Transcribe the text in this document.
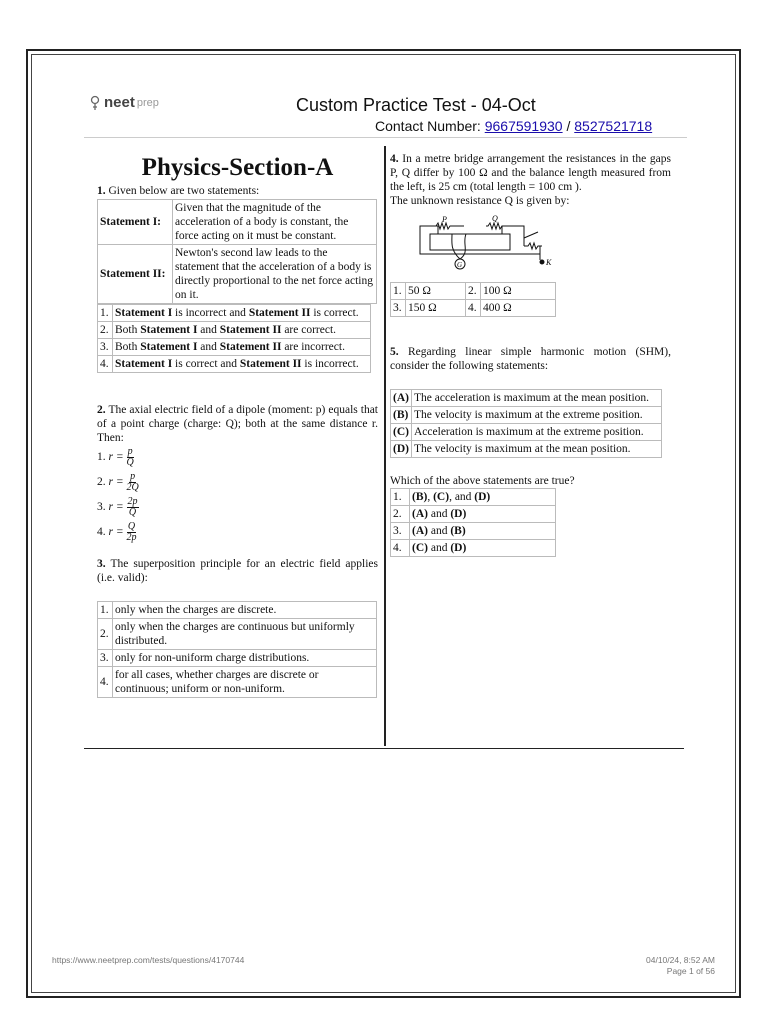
neet prep	Custom Practice Test - 04-Oct
Contact Number: 9667591930 / 8527521718
Physics-Section-A

1. Given below are two statements:

Statement I:	Given that the magnitude of the acceleration of a body is constant, the force acting on it must be constant.
Statement II:	Newton's second law leads to the statement that the acceleration of a body is directly proportional to the net force acting on it.
1.	Statement I is incorrect and Statement II is correct.
2.	Both Statement I and Statement II are correct.
3.	Both Statement I and Statement II are incorrect.
4.	Statement I is correct and Statement II is incorrect.

2. The axial electric field of a dipole (moment: p) equals that of a point charge (charge: Q); both at the same distance r. Then:

1. $r = \frac{p}{Q}$
2. $r = \frac{p}{2Q}$
3. $r = \frac{2p}{Q}$
4. $r = \frac{Q}{2p}$

3. The superposition principle for an electric field applies (i.e. valid):

1.	only when the charges are discrete.
2.	only when the charges are continuous but uniformly distributed.
3.	only for non-uniform charge distributions.
4.	for all cases, whether charges are discrete or continuous; uniform or non-uniform.

4. In a metre bridge arrangement the resistances in the gaps P, Q differ by 100 Ω and the balance length measured from the left, is 25 cm (total length = 100 cm ).

The unknown resistance Q is given by:

P	Q
G	K
1.	50 Ω	2.	100 Ω
3.	150 Ω	4.	400 Ω

5. Regarding linear simple harmonic motion (SHM), consider the following statements:

(A)	The acceleration is maximum at the mean position.
(B)	The velocity is maximum at the extreme position.
(C)	Acceleration is maximum at the extreme position.
(D)	The velocity is maximum at the mean position.

Which of the above statements are true?

1.	(B), (C), and (D)
2.	(A) and (D)
3.	(A) and (B)
4.	(C) and (D)
https://www.neetprep.com/tests/questions/4170744	04/10/24, 8:52 AM
Page 1 of 56
